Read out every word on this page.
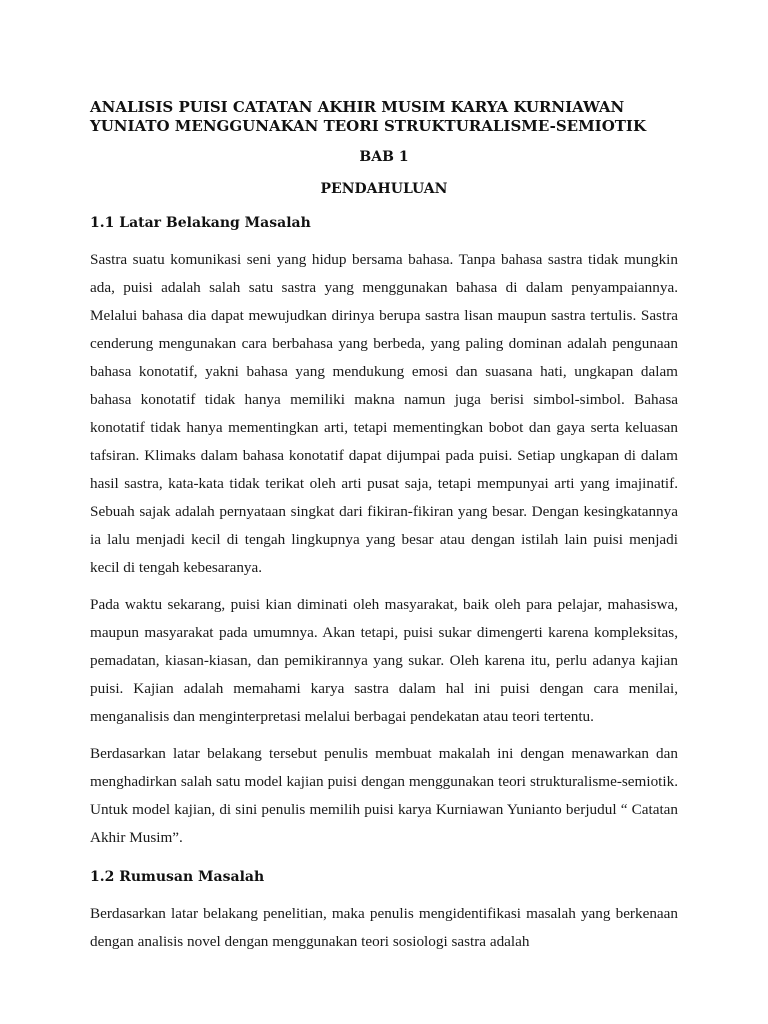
ANALISIS PUISI CATATAN AKHIR MUSIM KARYA KURNIAWAN
YUNIATO MENGGUNAKAN TEORI STRUKTURALISME-SEMIOTIK
BAB 1
PENDAHULUAN
1.1 Latar Belakang Masalah

Sastra suatu komunikasi seni yang hidup bersama bahasa. Tanpa bahasa sastra tidak mungkin ada, puisi adalah salah satu sastra yang menggunakan bahasa di dalam penyampaiannya. Melalui bahasa dia dapat mewujudkan dirinya berupa sastra lisan maupun sastra tertulis. Sastra cenderung mengunakan cara berbahasa yang berbeda, yang paling dominan adalah pengunaan bahasa konotatif, yakni bahasa yang mendukung emosi dan suasana hati, ungkapan dalam bahasa konotatif tidak hanya memiliki makna namun juga berisi simbol-simbol. Bahasa konotatif tidak hanya mementingkan arti, tetapi mementingkan bobot dan gaya serta keluasan tafsiran. Klimaks dalam bahasa konotatif dapat dijumpai pada puisi. Setiap ungkapan di dalam hasil sastra, kata-kata tidak terikat oleh arti pusat saja, tetapi mempunyai arti yang imajinatif. Sebuah sajak adalah pernyataan singkat dari fikiran-fikiran yang besar. Dengan kesingkatannya ia lalu menjadi kecil di tengah lingkupnya yang besar atau dengan istilah lain puisi menjadi kecil di tengah kebesaranya.

Pada waktu sekarang, puisi kian diminati oleh masyarakat, baik oleh para pelajar, mahasiswa, maupun masyarakat pada umumnya. Akan tetapi, puisi sukar dimengerti karena kompleksitas, pemadatan, kiasan-kiasan, dan pemikirannya yang sukar. Oleh karena itu, perlu adanya kajian puisi. Kajian adalah memahami karya sastra dalam hal ini puisi dengan cara menilai, menganalisis dan menginterpretasi melalui berbagai pendekatan atau teori tertentu.

Berdasarkan latar belakang tersebut penulis membuat makalah ini dengan menawarkan dan menghadirkan salah satu model kajian puisi dengan menggunakan teori strukturalisme-semiotik. Untuk model kajian, di sini penulis memilih puisi karya Kurniawan Yunianto berjudul “ Catatan Akhir Musim”.

1.2 Rumusan Masalah

Berdasarkan latar belakang penelitian, maka penulis mengidentifikasi masalah yang berkenaan dengan analisis novel dengan menggunakan teori sosiologi sastra adalah
